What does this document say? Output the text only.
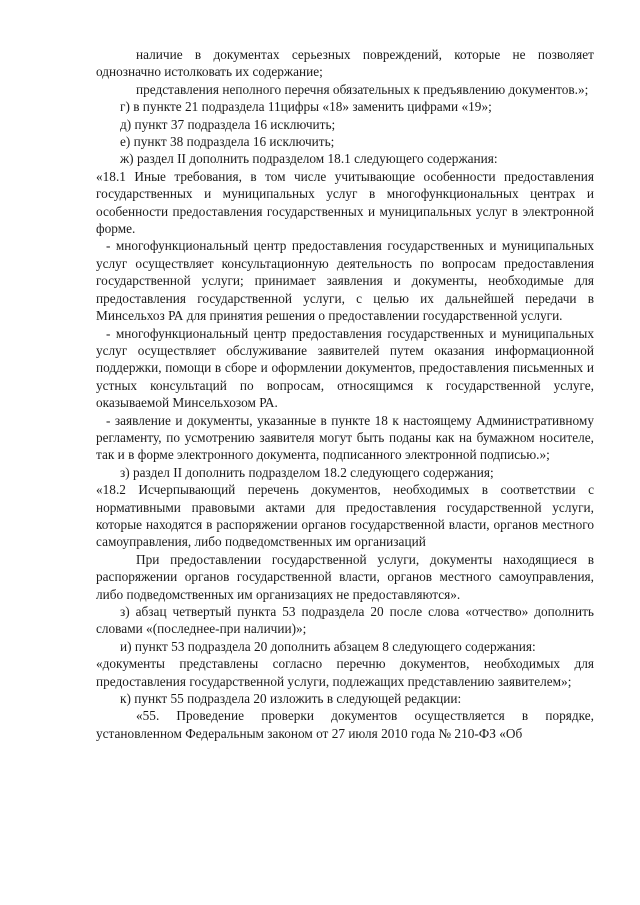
наличие в документах серьезных повреждений, которые не позволяет однозначно истолковать их содержание;

представления неполного перечня обязательных к предъявлению документов.»;

г) в пункте 21 подраздела 11цифры «18» заменить цифрами «19»;

д) пункт 37 подраздела 16 исключить;

е) пункт 38 подраздела 16 исключить;

ж) раздел II дополнить подразделом 18.1 следующего содержания:

«18.1 Иные требования, в том числе учитывающие особенности предоставления государственных и муниципальных услуг в многофункциональных центрах и особенности предоставления государственных и муниципальных услуг в электронной форме.

- многофункциональный центр предоставления государственных и муниципальных услуг осуществляет консультационную деятельность по вопросам предоставления государственной услуги; принимает заявления и документы, необходимые для предоставления государственной услуги, с целью их дальнейшей передачи в Минсельхоз РА для принятия решения о предоставлении государственной услуги.

- многофункциональный центр предоставления государственных и муниципальных услуг осуществляет обслуживание заявителей путем оказания информационной поддержки, помощи в сборе и оформлении документов, предоставления письменных и устных консультаций по вопросам, относящимся к государственной услуге, оказываемой Минсельхозом РА.

- заявление и документы, указанные в пункте 18 к настоящему Административному регламенту, по усмотрению заявителя могут быть поданы как на бумажном носителе, так и в форме электронного документа, подписанного электронной подписью.»;

з) раздел II дополнить подразделом 18.2 следующего содержания;

«18.2 Исчерпывающий перечень документов, необходимых в соответствии с нормативными правовыми актами для предоставления государственной услуги, которые находятся в распоряжении органов государственной власти, органов местного самоуправления, либо подведомственных им организаций

При предоставлении государственной услуги, документы находящиеся в распоряжении органов государственной власти, органов местного самоуправления, либо подведомственных им организациях не предоставляются».

з) абзац четвертый пункта 53 подраздела 20 после слова «отчество» дополнить словами «(последнее-при наличии)»;

и) пункт 53 подраздела 20 дополнить абзацем 8 следующего содержания:

«документы представлены согласно перечню документов, необходимых для предоставления государственной услуги, подлежащих представлению заявителем»;

к) пункт 55 подраздела 20 изложить в следующей редакции:

«55. Проведение проверки документов осуществляется в порядке, установленном Федеральным законом от 27 июля 2010 года № 210-ФЗ «Об
